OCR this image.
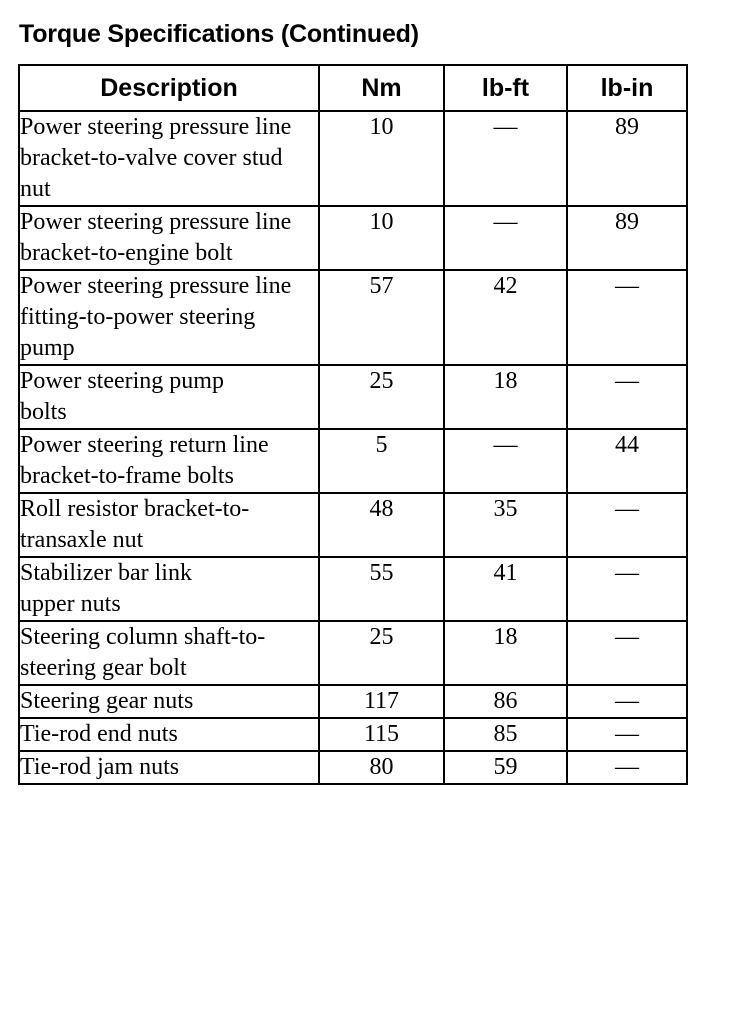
Torque Specifications (Continued)
Description	Nm	lb-ft	lb-in

Power steering pressure line bracket-to-valve cover stud nut	10	—	89

Power steering pressure line bracket-to-engine bolt	10	—	89

Power steering pressure line fitting-to-power steering pump	57	42	—

Power steering pump bolts	25	18	—

Power steering return line bracket-to-frame bolts	5	—	44

Roll resistor bracket-to-transaxle nut	48	35	—

Stabilizer bar link upper nuts	55	41	—

Steering column shaft-to-steering gear bolt	25	18	—

Steering gear nuts	117	86	—

Tie-rod end nuts	115	85	—

Tie-rod jam nuts	80	59	—
